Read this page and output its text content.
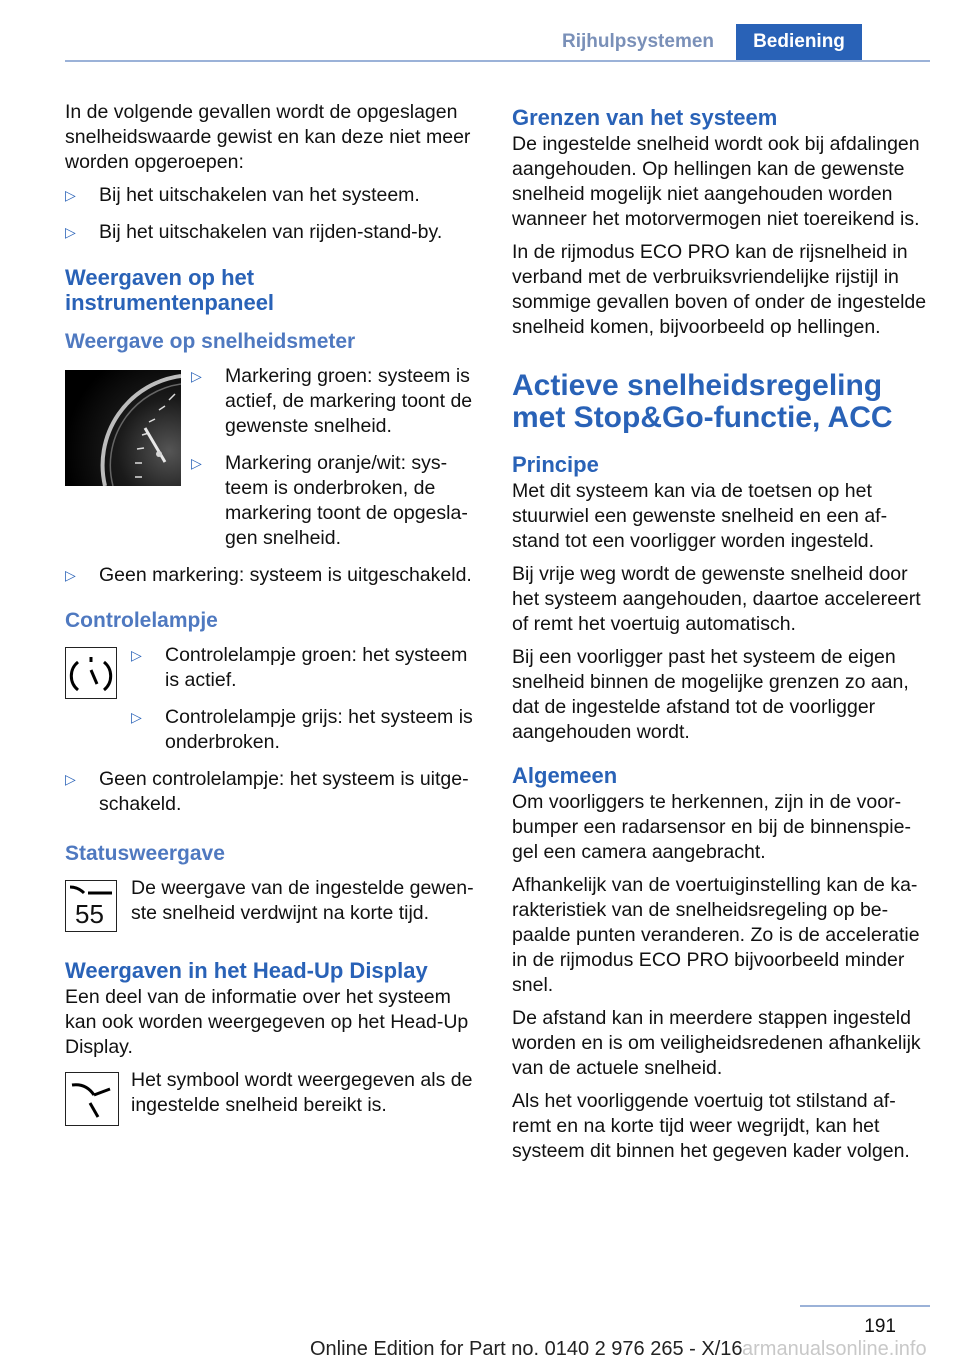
Rijhulpsystemen	Bediening

In de volgende gevallen wordt de opgeslagen snelheidswaarde gewist en kan deze niet meer worden opgeroepen:

▷	Bij het uitschakelen van het systeem.
▷	Bij het uitschakelen van rijden-stand-by.
Weergaven op het instrumentenpaneel
Weergave op snelheidsmeter
▷	Markering groen: systeem is actief, de markering toont de gewenste snelheid.
▷	Markering oranje/wit: systeem is onderbroken, de markering toont de opgeslagen snelheid.
▷	Geen markering: systeem is uitgeschakeld.
Controlelampje
▷	Controlelampje groen: het systeem is actief.
▷	Controlelampje grijs: het systeem is onderbroken.
▷	Geen controlelampje: het systeem is uitgeschakeld.
Statusweergave
55

De weergave van de ingestelde gewenste snelheid verdwijnt na korte tijd.

Weergaven in het Head-Up Display

Een deel van de informatie over het systeem kan ook worden weergegeven op het Head-Up Display.

Het symbool wordt weergegeven als de ingestelde snelheid bereikt is.

Grenzen van het systeem

De ingestelde snelheid wordt ook bij afdalingen aangehouden. Op hellingen kan de gewenste snelheid mogelijk niet aangehouden worden wanneer het motorvermogen niet toereikend is.

In de rijmodus ECO PRO kan de rijsnelheid in verband met de verbruiksvriendelijke rijstijl in sommige gevallen boven of onder de ingestelde snelheid komen, bijvoorbeeld op hellingen.

Actieve snelheidsregeling met Stop&Go-functie, ACC
Principe

Met dit systeem kan via de toetsen op het stuurwiel een gewenste snelheid en een afstand tot een voorligger worden ingesteld.

Bij vrije weg wordt de gewenste snelheid door het systeem aangehouden, daartoe accelereert of remt het voertuig automatisch.

Bij een voorligger past het systeem de eigen snelheid binnen de mogelijke grenzen zo aan, dat de ingestelde afstand tot de voorligger aangehouden wordt.

Algemeen

Om voorliggers te herkennen, zijn in de voorbumper een radarsensor en bij de binnenspiegel een camera aangebracht.

Afhankelijk van de voertuiginstelling kan de karakteristiek van de snelheidsregeling op bepaalde punten veranderen. Zo is de acceleratie in de rijmodus ECO PRO bijvoorbeeld minder snel.

De afstand kan in meerdere stappen ingesteld worden en is om veiligheidsredenen afhankelijk van de actuele snelheid.

Als het voorliggende voertuig tot stilstand afremt en na korte tijd weer wegrijdt, kan het systeem dit binnen het gegeven kader volgen.

191
Online Edition for Part no. 0140 2 976 265 - X/16 armanualsonline.info
